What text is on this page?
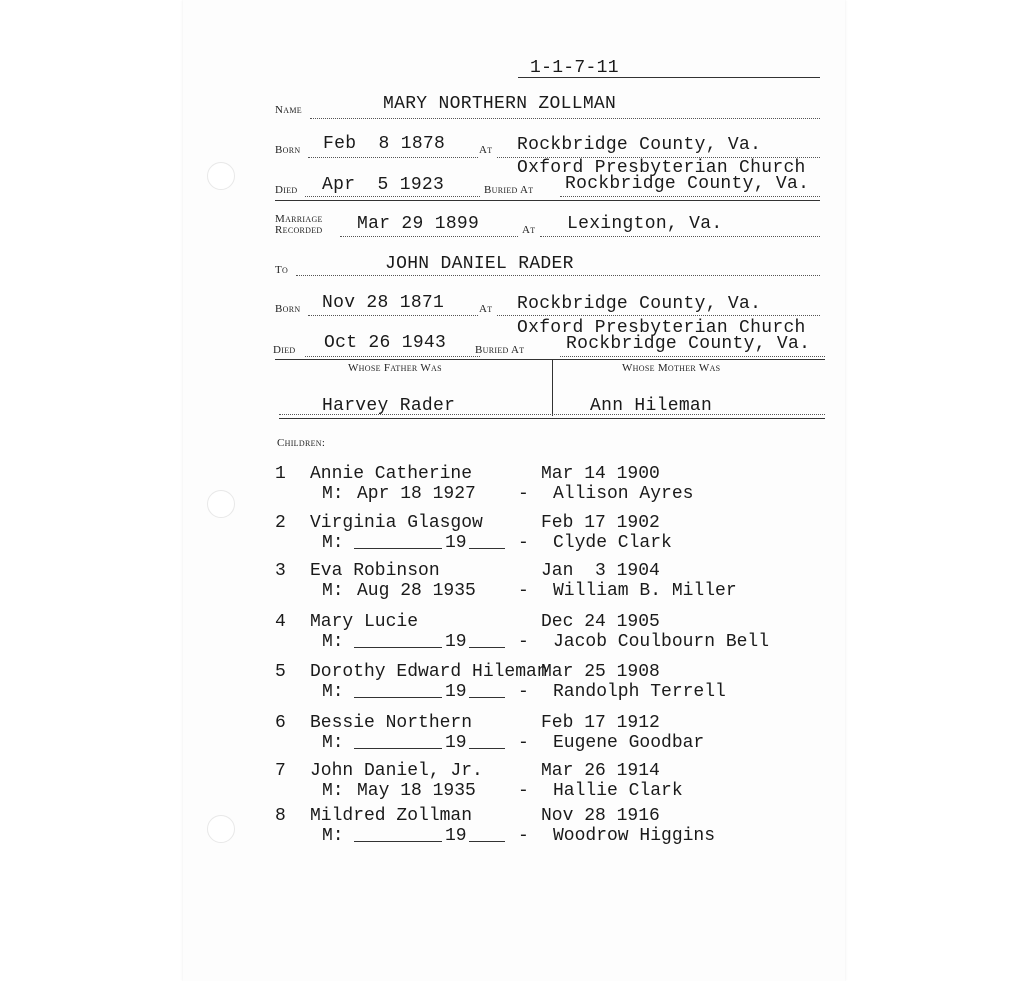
1-1-7-11
Name	MARY NORTHERN ZOLLMAN
Born Feb  8 1878	At Rockbridge County, Va.
Oxford Presbyterian Church
Died Apr  5 1923	Buried At Rockbridge County, Va.
Marriage
Recorded Mar 29 1899	At Lexington, Va.
To	JOHN DANIEL RADER
Born Nov 28 1871	At Rockbridge County, Va.
Oxford Presbyterian Church
Died Oct 26 1943	Buried At Rockbridge County, Va.
Whose Father Was	Whose Mother Was
Harvey Rader	Ann Hileman
Children:
1 Annie Catherine	Mar 14 1900
M: Apr 18 1927 - Allison Ayres
2 Virginia Glasgow	Feb 17 1902
M:	19	- Clyde Clark
3 Eva Robinson	Jan  3 1904
M: Aug 28 1935 - William B. Miller
4 Mary Lucie	Dec 24 1905
M:	19	- Jacob Coulbourn Bell
5 Dorothy Edward Hileman
Mar 25 1908
M:	19	- Randolph Terrell
6 Bessie Northern	Feb 17 1912
M:	19	- Eugene Goodbar
7 John Daniel, Jr.	Mar 26 1914
M: May 18 1935 - Hallie Clark
8 Mildred Zollman	Nov 28 1916
M:	19	- Woodrow Higgins
